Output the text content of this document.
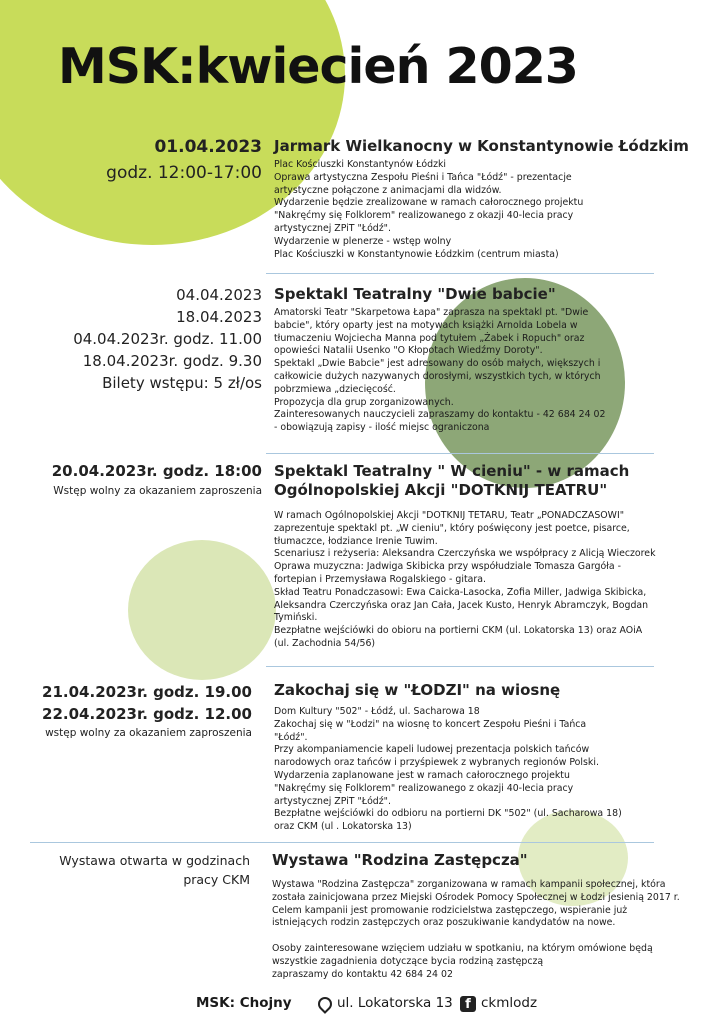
MSK:kwiecień 2023
01.04.2023
godz. 12:00-17:00
Jarmark Wielkanocny w Konstantynowie Łódzkim
Plac Kościuszki Konstantynów Łódzki
Oprawa artystyczna Zespołu Pieśni i Tańca "Łódź" - prezentacje
artystyczne połączone z animacjami dla widzów.
Wydarzenie będzie zrealizowane w ramach całorocznego projektu
"Nakręćmy się Folklorem" realizowanego z okazji 40-lecia pracy
artystycznej ZPiT "Łódź".
Wydarzenie w plenerze - wstęp wolny
Plac Kościuszki w Konstantynowie Łódzkim (centrum miasta)
04.04.2023
18.04.2023
04.04.2023r. godz. 11.00
18.04.2023r. godz. 9.30
Bilety wstępu: 5 zł/os
Spektakl Teatralny "Dwie babcie"
Amatorski Teatr "Skarpetowa Łapa" zaprasza na spektakl pt. "Dwie
babcie", który oparty jest na motywach książki Arnolda Lobela w
tłumaczeniu Wojciecha Manna pod tytułem „Żabek i Ropuch" oraz
opowieści Natalii Usenko "O Kłopotach Wiedźmy Doroty".
Spektakl „Dwie Babcie" jest adresowany do osób małych, większych i
całkowicie dużych nazywanych dorosłymi, wszystkich tych, w których
pobrzmiewa „dziecięcość.
Propozycja dla grup zorganizowanych.
Zainteresowanych nauczycieli zapraszamy do kontaktu - 42 684 24 02
- obowiązują zapisy - ilość miejsc ograniczona
20.04.2023r. godz. 18:00
Wstęp wolny za okazaniem zaproszenia
Spektakl Teatralny " W cieniu" - w ramach
Ogólnopolskiej Akcji "DOTKNIJ TEATRU"
W ramach Ogólnopolskiej Akcji "DOTKNIJ TETARU, Teatr „PONADCZASOWI"
zaprezentuje spektakl pt. „W cieniu", który poświęcony jest poetce, pisarce,
tłumaczce, łodziance Irenie Tuwim.
Scenariusz i reżyseria: Aleksandra Czerczyńska we współpracy z Alicją Wieczorek
Oprawa muzyczna: Jadwiga Skibicka przy współudziale Tomasza Gargóła -
fortepian i Przemysława Rogalskiego - gitara.
Skład Teatru Ponadczasowi: Ewa Caicka-Lasocka, Zofia Miller, Jadwiga Skibicka,
Aleksandra Czerczyńska oraz Jan Cała, Jacek Kusto, Henryk Abramczyk, Bogdan
Tymiński.
Bezpłatne wejściówki do obioru na portierni CKM (ul. Lokatorska 13) oraz AOiA
(ul. Zachodnia 54/56)
21.04.2023r. godz. 19.00
22.04.2023r. godz. 12.00
wstęp wolny za okazaniem zaproszenia
Zakochaj się w "ŁODZI" na wiosnę
Dom Kultury "502" - Łódź, ul. Sacharowa 18
Zakochaj się w "Łodzi" na wiosnę to koncert Zespołu Pieśni i Tańca
"Łódź".
Przy akompaniamencie kapeli ludowej prezentacja polskich tańców
narodowych oraz tańców i przyśpiewek z wybranych regionów Polski.
Wydarzenia zaplanowane jest w ramach całorocznego projektu
"Nakręćmy się Folklorem" realizowanego z okazji 40-lecia pracy
artystycznej ZPiT "Łódź".
Bezpłatne wejściówki do odbioru na portierni DK "502" (ul. Sacharowa 18)
oraz CKM (ul . Lokatorska 13)
Wystawa otwarta w godzinach
pracy CKM
Wystawa "Rodzina Zastępcza"
Wystawa "Rodzina Zastępcza" zorganizowana w ramach kampanii społecznej, która
została zainicjowana przez Miejski Ośrodek Pomocy Społecznej w Łodzi jesienią 2017 r.
Celem kampanii jest promowanie rodzicielstwa zastępczego, wspieranie już
istniejących rodzin zastępczych oraz poszukiwanie kandydatów na nowe.
Osoby zainteresowane wzięciem udziału w spotkaniu, na którym omówione będą
wszystkie zagadnienia dotyczące bycia rodziną zastępczą
zapraszamy do kontaktu 42 684 24 02
MSK: Chojny	ul. Lokatorska 13 f ckmlodz
